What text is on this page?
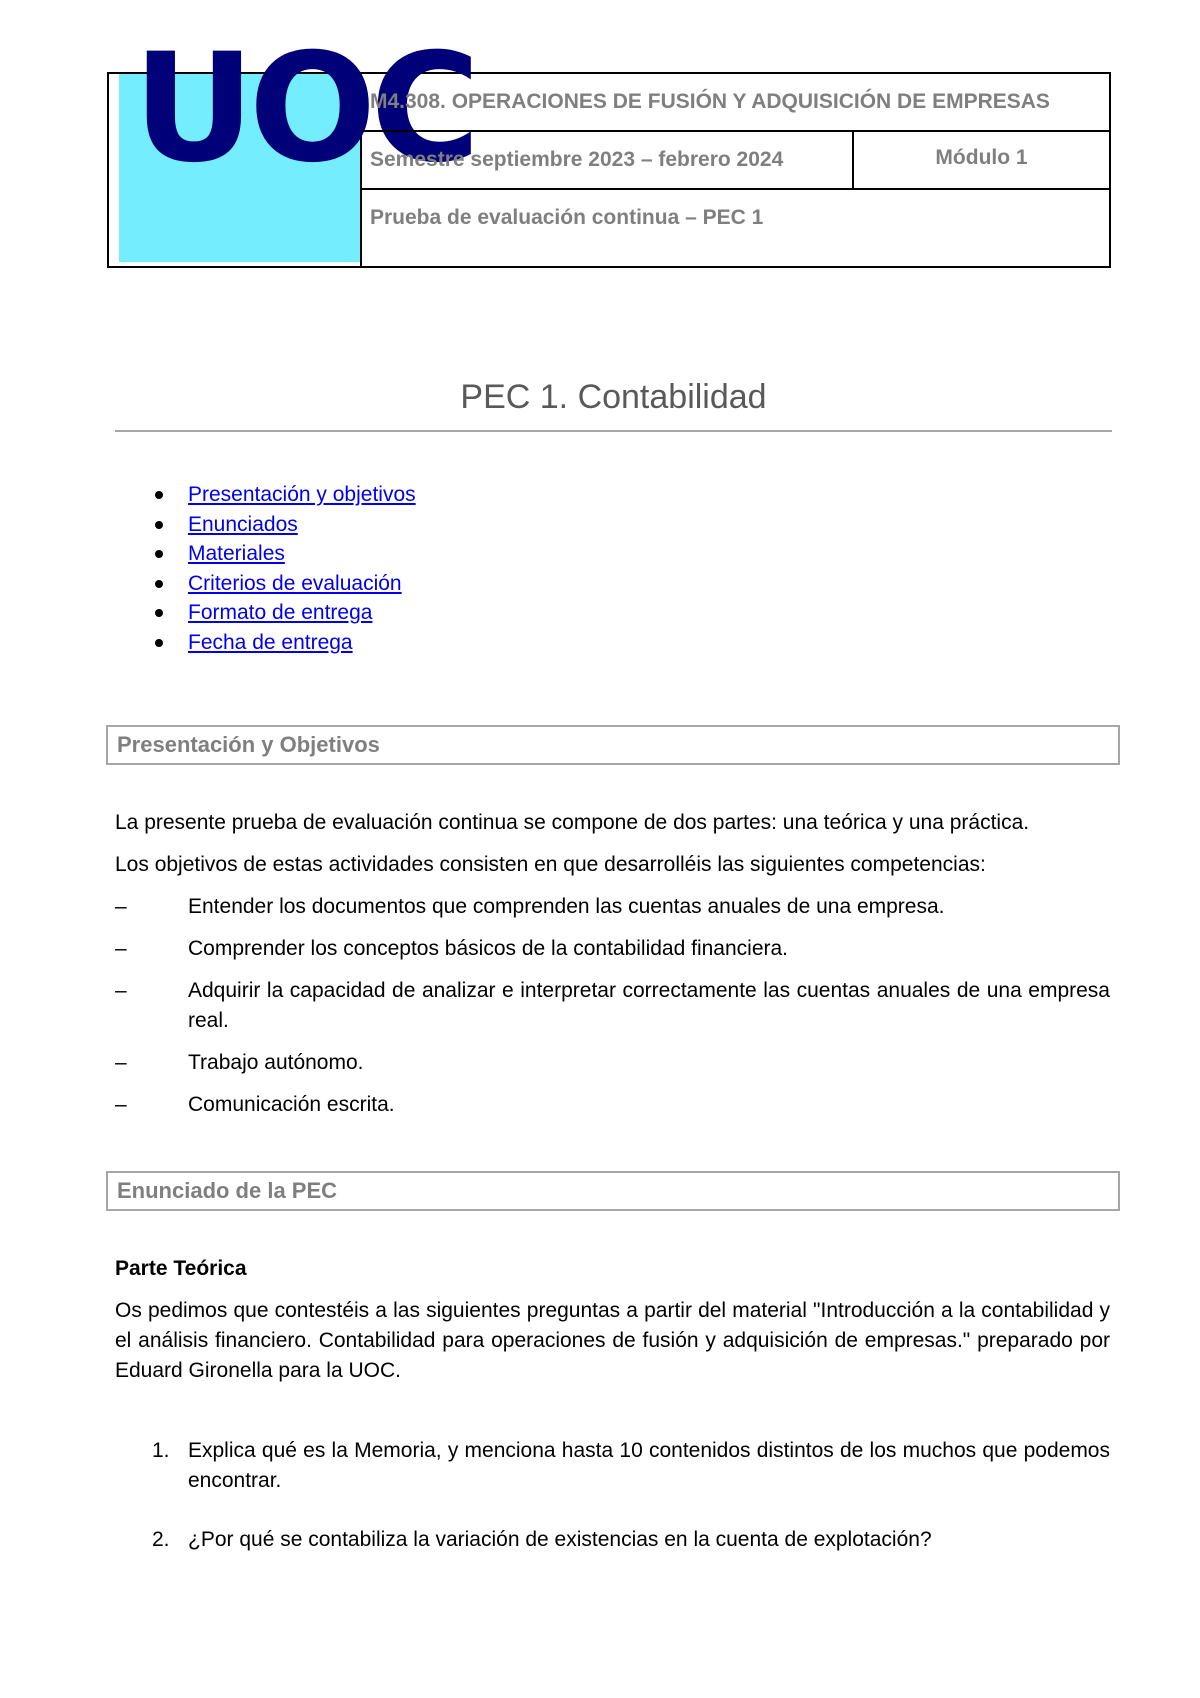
UOC
M4.308. OPERACIONES DE FUSIÓN Y ADQUISICIÓN DE EMPRESAS
Semestre septiembre 2023 – febrero 2024	Módulo 1
Prueba de evaluación continua – PEC 1
PEC 1. Contabilidad
Presentación y objetivos
Enunciados
Materiales
Criterios de evaluación
Formato de entrega
Fecha de entrega
Presentación y Objetivos
La presente prueba de evaluación continua se compone de dos partes: una teórica y una práctica.
Los objetivos de estas actividades consisten en que desarrolléis las siguientes competencias:
–	Entender los documentos que comprenden las cuentas anuales de una empresa.
–	Comprender los conceptos básicos de la contabilidad financiera.
–	Adquirir la capacidad de analizar e interpretar correctamente las cuentas anuales de una empresa real.
–	Trabajo autónomo.
–	Comunicación escrita.
Enunciado de la PEC
Parte Teórica
Os pedimos que contestéis a las siguientes preguntas a partir del material "Introducción a la contabilidad y el análisis financiero. Contabilidad para operaciones de fusión y adquisición de empresas." preparado por Eduard Gironella para la UOC.
1. Explica qué es la Memoria, y menciona hasta 10 contenidos distintos de los muchos que podemos encontrar.
2. ¿Por qué se contabiliza la variación de existencias en la cuenta de explotación?
